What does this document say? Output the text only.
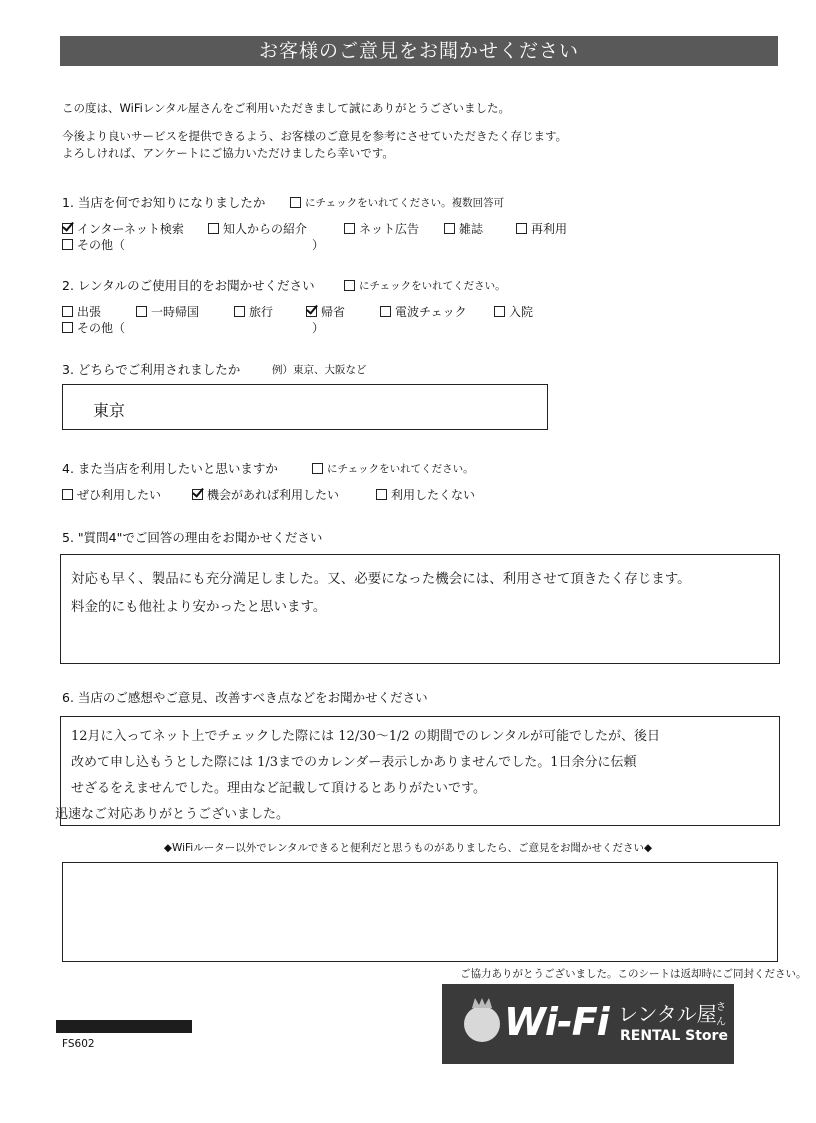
お客様のご意見をお聞かせください
この度は、WiFiレンタル屋さんをご利用いただきまして誠にありがとうございました。
今後より良いサービスを提供できるよう、お客様のご意見を参考にさせていただきたく存じます。
よろしければ、アンケートにご協力いただけましたら幸いです。
1. 当店を何でお知りになりましたか	にチェックをいれてください。複数回答可
インターネット検索	知人からの紹介	ネット広告	雑誌	再利用
その他（	）
2. レンタルのご使用目的をお聞かせください	にチェックをいれてください。
出張	一時帰国	旅行	帰省	電波チェック	入院
その他（	）
3. どちらでご利用されましたか	例）東京、大阪など
東京
4. また当店を利用したいと思いますか	にチェックをいれてください。
ぜひ利用したい	機会があれば利用したい	利用したくない
5. "質問4"でご回答の理由をお聞かせください
対応も早く、製品にも充分満足しました。又、必要になった機会には、利用させて頂きたく存じます。
料金的にも他社より安かったと思います。
6. 当店のご感想やご意見、改善すべき点などをお聞かせください
12月に入ってネット上でチェックした際には 12/30～1/2 の期間でのレンタルが可能でしたが、後日
改めて申し込もうとした際には 1/3までのカレンダー表示しかありませんでした。1日余分に伝頼
せざるをえませんでした。理由など記載して頂けるとありがたいです。
迅速なご対応ありがとうございました。
◆WiFiルーター以外でレンタルできると便利だと思うものがありましたら、ご意見をお聞かせください◆
ご協力ありがとうございました。このシートは返却時にご同封ください。
FS602	Wi-Fi レンタル屋 さん
RENTAL Store
